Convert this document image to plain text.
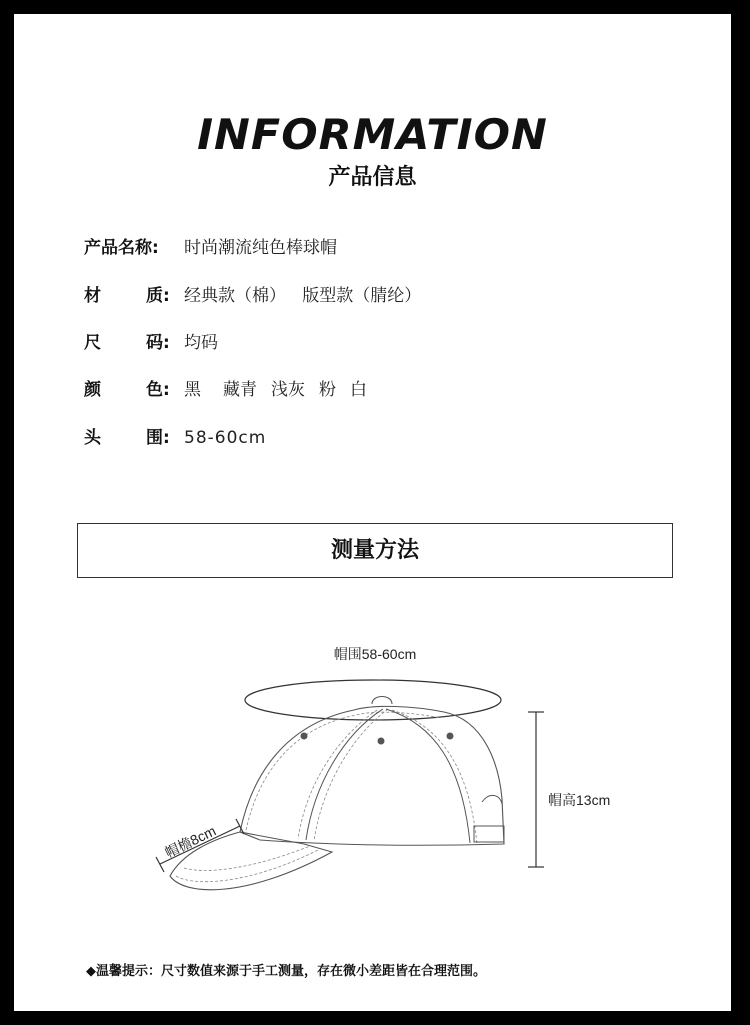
INFORMATION
产品信息
产品名称: 时尚潮流纯色棒球帽
材	质: 经典款（棉）   版型款（腈纶）
尺	码: 均码
颜	色: 黑 藏青 浅灰 粉 白
头	围: 58-60cm
测量方法
帽围58-60cm
帽高13cm
帽檐8cm
◆温馨提示：尺寸数值来源于手工测量，存在微小差距皆在合理范围。
